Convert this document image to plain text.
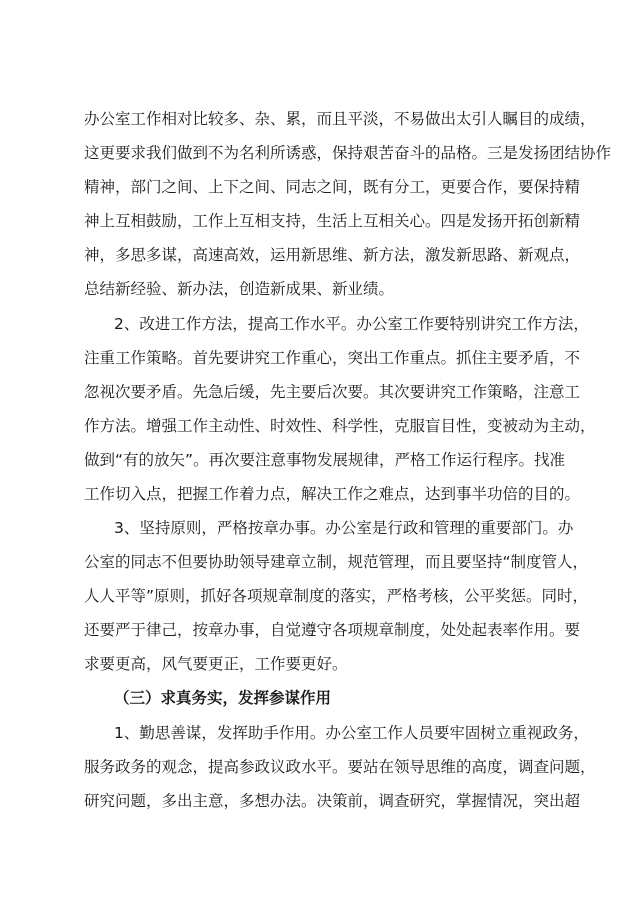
办公室工作相对比较多、杂、累，而且平淡，不易做出太引人瞩目的成绩，
这更要求我们做到不为名利所诱惑，保持艰苦奋斗的品格。三是发扬团结协作
精神，部门之间、上下之间、同志之间，既有分工，更要合作，要保持精
神上互相鼓励，工作上互相支持，生活上互相关心。四是发扬开拓创新精
神，多思多谋，高速高效，运用新思维、新方法，激发新思路、新观点，
总结新经验、新办法，创造新成果、新业绩。
2、改进工作方法，提高工作水平。办公室工作要特别讲究工作方法，
注重工作策略。首先要讲究工作重心，突出工作重点。抓住主要矛盾，不
忽视次要矛盾。先急后缓，先主要后次要。其次要讲究工作策略，注意工
作方法。增强工作主动性、时效性、科学性，克服盲目性，变被动为主动，
做到“有的放矢”。再次要注意事物发展规律，严格工作运行程序。找准
工作切入点，把握工作着力点，解决工作之难点，达到事半功倍的目的。
3、坚持原则，严格按章办事。办公室是行政和管理的重要部门。办
公室的同志不但要协助领导建章立制，规范管理，而且要坚持“制度管人，
人人平等”原则，抓好各项规章制度的落实，严格考核，公平奖惩。同时，
还要严于律己，按章办事，自觉遵守各项规章制度，处处起表率作用。要
求要更高，风气要更正，工作要更好。
（三）求真务实，发挥参谋作用
1、勤思善谋，发挥助手作用。办公室工作人员要牢固树立重视政务，
服务政务的观念，提高参政议政水平。要站在领导思维的高度，调查问题，
研究问题，多出主意，多想办法。决策前，调查研究，掌握情况，突出超
